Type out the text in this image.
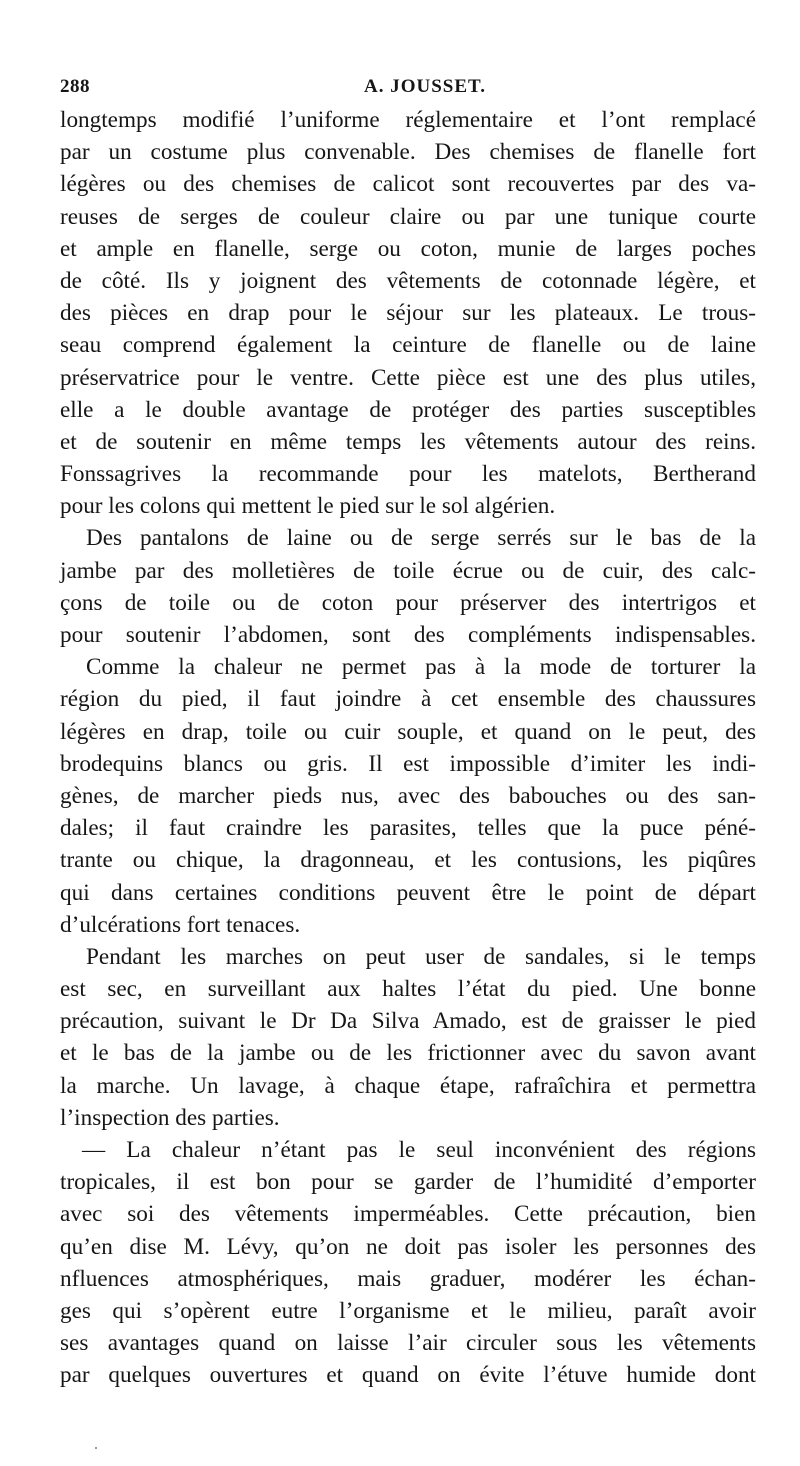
288	A. JOUSSET.
longtemps modifié l’uniforme réglementaire et l’ont remplacé
par un costume plus convenable. Des chemises de flanelle fort
légères ou des chemises de calicot sont recouvertes par des va-
reuses de serges de couleur claire ou par une tunique courte
et ample en flanelle, serge ou coton, munie de larges poches
de côté. Ils y joignent des vêtements de cotonnade légère, et
des pièces en drap pour le séjour sur les plateaux. Le trous-
seau comprend également la ceinture de flanelle ou de laine
préservatrice pour le ventre. Cette pièce est une des plus utiles,
elle a le double avantage de protéger des parties susceptibles
et de soutenir en même temps les vêtements autour des reins.
Fonssagrives la recommande pour les matelots, Bertherand
pour les colons qui mettent le pied sur le sol algérien.
Des pantalons de laine ou de serge serrés sur le bas de la
jambe par des molletières de toile écrue ou de cuir, des calc-
çons de toile ou de coton pour préserver des intertrigos et
pour soutenir l’abdomen, sont des compléments indispensables.
Comme la chaleur ne permet pas à la mode de torturer la
région du pied, il faut joindre à cet ensemble des chaussures
légères en drap, toile ou cuir souple, et quand on le peut, des
brodequins blancs ou gris. Il est impossible d’imiter les indi-
gènes, de marcher pieds nus, avec des babouches ou des san-
dales; il faut craindre les parasites, telles que la puce péné-
trante ou chique, la dragonneau, et les contusions, les piqûres
qui dans certaines conditions peuvent être le point de départ
d’ulcérations fort tenaces.
Pendant les marches on peut user de sandales, si le temps
est sec, en surveillant aux haltes l’état du pied. Une bonne
précaution, suivant le Dr Da Silva Amado, est de graisser le pied
et le bas de la jambe ou de les frictionner avec du savon avant
la marche. Un lavage, à chaque étape, rafraîchira et permettra
l’inspection des parties.
— La chaleur n’étant pas le seul inconvénient des régions
tropicales, il est bon pour se garder de l’humidité d’emporter
avec soi des vêtements imperméables. Cette précaution, bien
qu’en dise M. Lévy, qu’on ne doit pas isoler les personnes des
nfluences atmosphériques, mais graduer, modérer les échan-
ges qui s’opèrent eutre l’organisme et le milieu, paraît avoir
ses avantages quand on laisse l’air circuler sous les vêtements
par quelques ouvertures et quand on évite l’étuve humide dont
